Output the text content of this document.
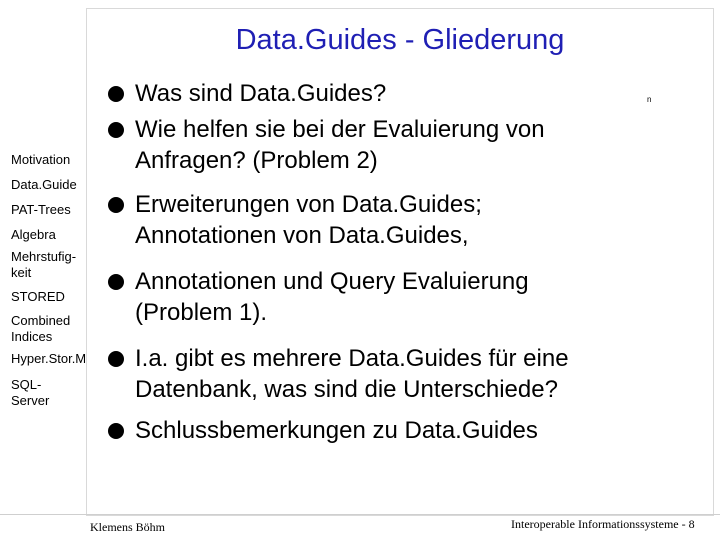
Data.Guides - Gliederung
n
Motivation
Data.Guide
PAT-Trees
Algebra
Mehrstufig-
keit
STORED
Combined
Indices
Hyper.Stor.M
SQL-
Server
Was sind Data.Guides?
Wie helfen sie bei der Evaluierung von
Anfragen? (Problem 2)
Erweiterungen von Data.Guides;
Annotationen von Data.Guides,
Annotationen und Query Evaluierung
(Problem 1).
I.a. gibt es mehrere Data.Guides für eine
Datenbank, was sind die Unterschiede?
Schlussbemerkungen zu Data.Guides
Klemens Böhm	Interoperable Informationssysteme - 8
